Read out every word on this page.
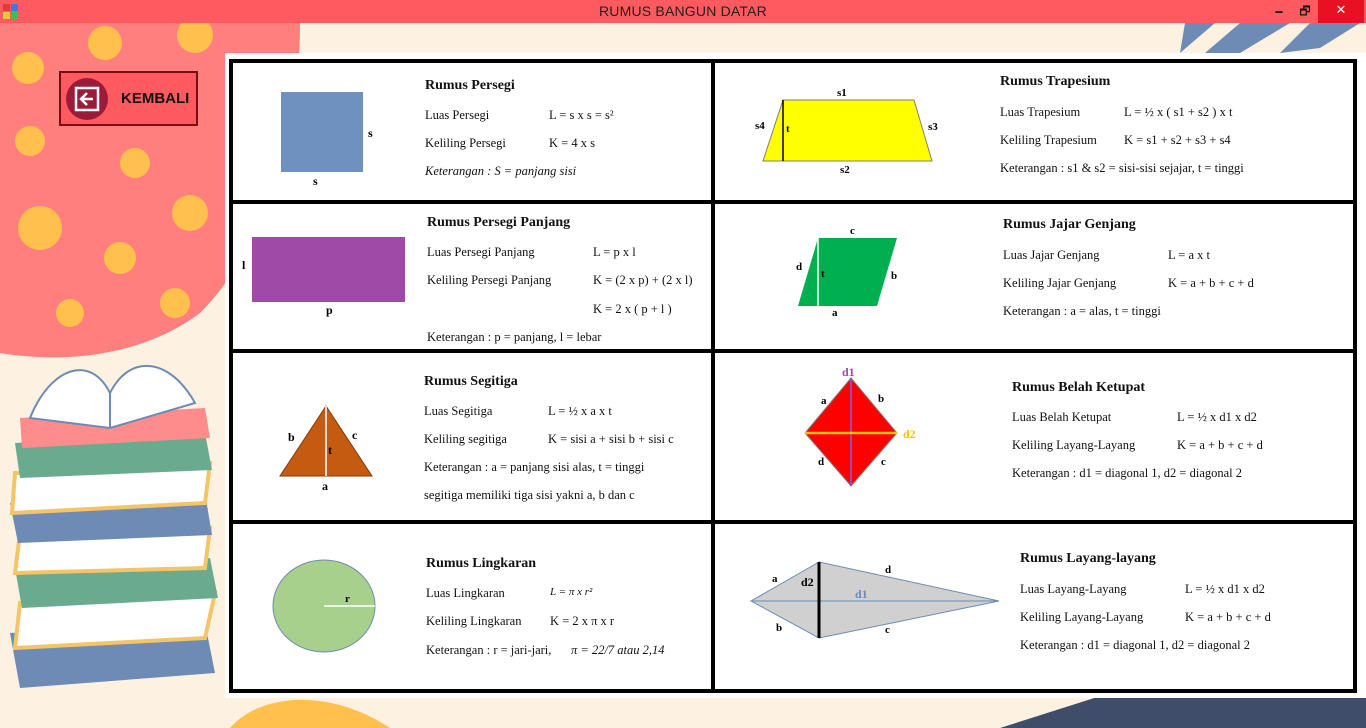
RUMUS BANGUN DATAR	🗕	🗗	✕
KEMBALI
s
s
Rumus Persegi
Luas Persegi	L = s x s = s²
Keliling Persegi	K = 4 x s
Keterangan : S = panjang sisi
l
p
Rumus Persegi Panjang
Luas Persegi Panjang	L = p x l
Keliling Persegi Panjang	K = (2 x p) + (2 x l)
K = 2 x ( p + l )
Keterangan : p = panjang, l = lebar
b	c
t
a
Rumus Segitiga
Luas Segitiga	L = ½ x a x t
Keliling segitiga	K = sisi a + sisi b + sisi c
Keterangan : a = panjang sisi alas, t = tinggi
segitiga memiliki tiga sisi yakni a, b dan c
r
Rumus Lingkaran
Luas Lingkaran	L = π x r²
Keliling Lingkaran K = 2 x π x r
Keterangan : r = jari-jari, π = 22/7 atau 2,14
s1
s2
s3
s4 t
Rumus Trapesium
Luas Trapesium	L = ½ x ( s1 + s2 ) x t
Keliling Trapesium K = s1 + s2 + s3 + s4
Keterangan : s1 & s2 = sisi-sisi sejajar, t = tinggi
c
a
b
d
t
Rumus Jajar Genjang
Luas Jajar Genjang	L = a x t
Keliling Jajar Genjang	K = a + b + c + d
Keterangan : a = alas, t = tinggi
d1
d2
a	b
c
d
Rumus Belah Ketupat
Luas Belah Ketupat	L = ½ x d1 x d2
Keliling Layang-Layang	K = a + b + c + d
Keterangan : d1 = diagonal 1, d2 = diagonal 2
d2
d1
a
b	c
d
Rumus Layang-layang
Luas Layang-Layang	L = ½ x d1 x d2
Keliling Layang-Layang	K = a + b + c + d
Keterangan : d1 = diagonal 1, d2 = diagonal 2
